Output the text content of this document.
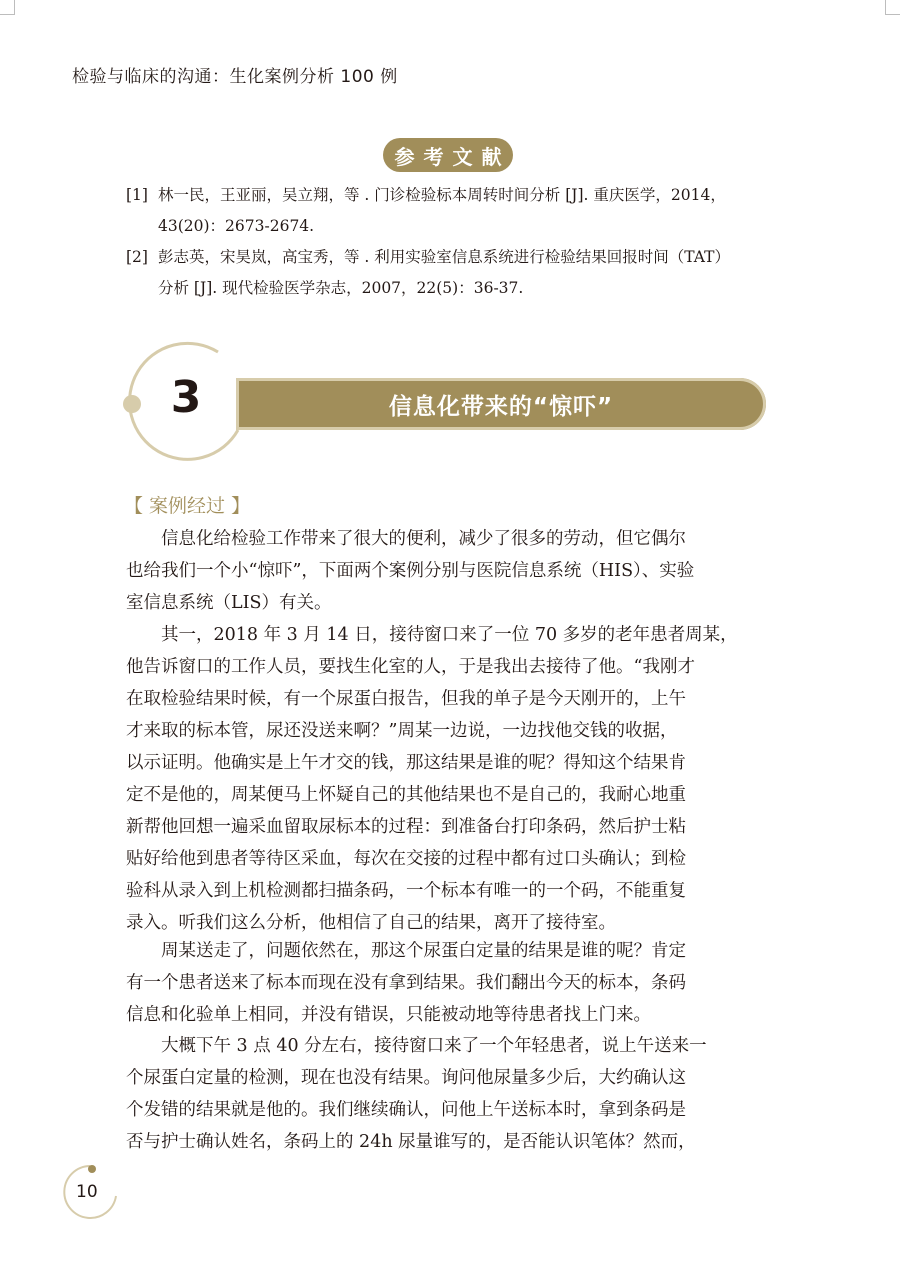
检验与临床的沟通：生化案例分析 100 例
参考文献
[1] 林一民，王亚丽，吴立翔，等 . 门诊检验标本周转时间分析 [J]. 重庆医学，2014，
43(20)：2673-2674.
[2] 彭志英，宋昊岚，高宝秀，等 . 利用实验室信息系统进行检验结果回报时间（TAT）
分析 [J]. 现代检验医学杂志，2007，22(5)：36-37.
信息化带来的“惊吓”
3
【 案例经过 】
　　信息化给检验工作带来了很大的便利，减少了很多的劳动，但它偶尔
也给我们一个小“惊吓”，下面两个案例分别与医院信息系统（HIS）、实验
室信息系统（LIS）有关。
　　其一，2018 年 3 月 14 日，接待窗口来了一位 70 多岁的老年患者周某，
他告诉窗口的工作人员，要找生化室的人，于是我出去接待了他。“我刚才
在取检验结果时候，有一个尿蛋白报告，但我的单子是今天刚开的，上午
才来取的标本管，尿还没送来啊？”周某一边说，一边找他交钱的收据，
以示证明。他确实是上午才交的钱，那这结果是谁的呢？得知这个结果肯
定不是他的，周某便马上怀疑自己的其他结果也不是自己的，我耐心地重
新帮他回想一遍采血留取尿标本的过程：到准备台打印条码，然后护士粘
贴好给他到患者等待区采血，每次在交接的过程中都有过口头确认；到检
验科从录入到上机检测都扫描条码，一个标本有唯一的一个码，不能重复
录入。听我们这么分析，他相信了自己的结果，离开了接待室。
　　周某送走了，问题依然在，那这个尿蛋白定量的结果是谁的呢？肯定
有一个患者送来了标本而现在没有拿到结果。我们翻出今天的标本，条码
信息和化验单上相同，并没有错误，只能被动地等待患者找上门来。
　　大概下午 3 点 40 分左右，接待窗口来了一个年轻患者，说上午送来一
个尿蛋白定量的检测，现在也没有结果。询问他尿量多少后，大约确认这
个发错的结果就是他的。我们继续确认，问他上午送标本时，拿到条码是
否与护士确认姓名，条码上的 24h 尿量谁写的，是否能认识笔体？然而，
10
